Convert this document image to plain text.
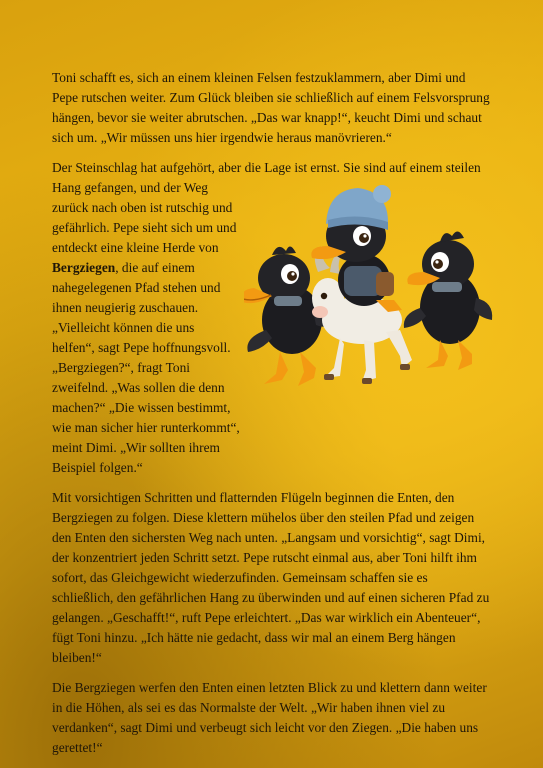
Toni schafft es, sich an einem kleinen Felsen festzuklammern, aber Dimi und Pepe rutschen weiter. Zum Glück bleiben sie schließlich auf einem Felsvorsprung hängen, bevor sie weiter abrutschen. „Das war knapp!“, keucht Dimi und schaut sich um. „Wir müssen uns hier irgendwie heraus manövrieren.“

Der Steinschlag hat aufgehört, aber die Lage ist ernst. Sie sind auf einem steilen
Hang gefangen, und der Weg zurück nach oben ist rutschig und gefährlich. Pepe sieht sich um und entdeckt eine kleine Herde von Bergziegen, die auf einem nahegelegenen Pfad stehen und ihnen neugierig zuschauen. „Vielleicht können die uns helfen“, sagt Pepe hoffnungsvoll. „Bergziegen?“, fragt Toni zweifelnd. „Was sollen die denn machen?“ „Die wissen bestimmt, wie man sicher hier runterkommt“, meint Dimi. „Wir sollten ihrem Beispiel folgen.“

Mit vorsichtigen Schritten und flatternden Flügeln beginnen die Enten, den Bergziegen zu folgen. Diese klettern mühelos über den steilen Pfad und zeigen den Enten den sichersten Weg nach unten. „Langsam und vorsichtig“, sagt Dimi, der konzentriert jeden Schritt setzt. Pepe rutscht einmal aus, aber Toni hilft ihm sofort, das Gleichgewicht wiederzufinden. Gemeinsam schaffen sie es schließlich, den gefährlichen Hang zu überwinden und auf einen sicheren Pfad zu gelangen. „Geschafft!“, ruft Pepe erleichtert. „Das war wirklich ein Abenteuer“, fügt Toni hinzu. „Ich hätte nie gedacht, dass wir mal an einem Berg hängen bleiben!“

Die Bergziegen werfen den Enten einen letzten Blick zu und klettern dann weiter in die Höhen, als sei es das Normalste der Welt. „Wir haben ihnen viel zu verdanken“, sagt Dimi und verbeugt sich leicht vor den Ziegen. „Die haben uns gerettet!“
